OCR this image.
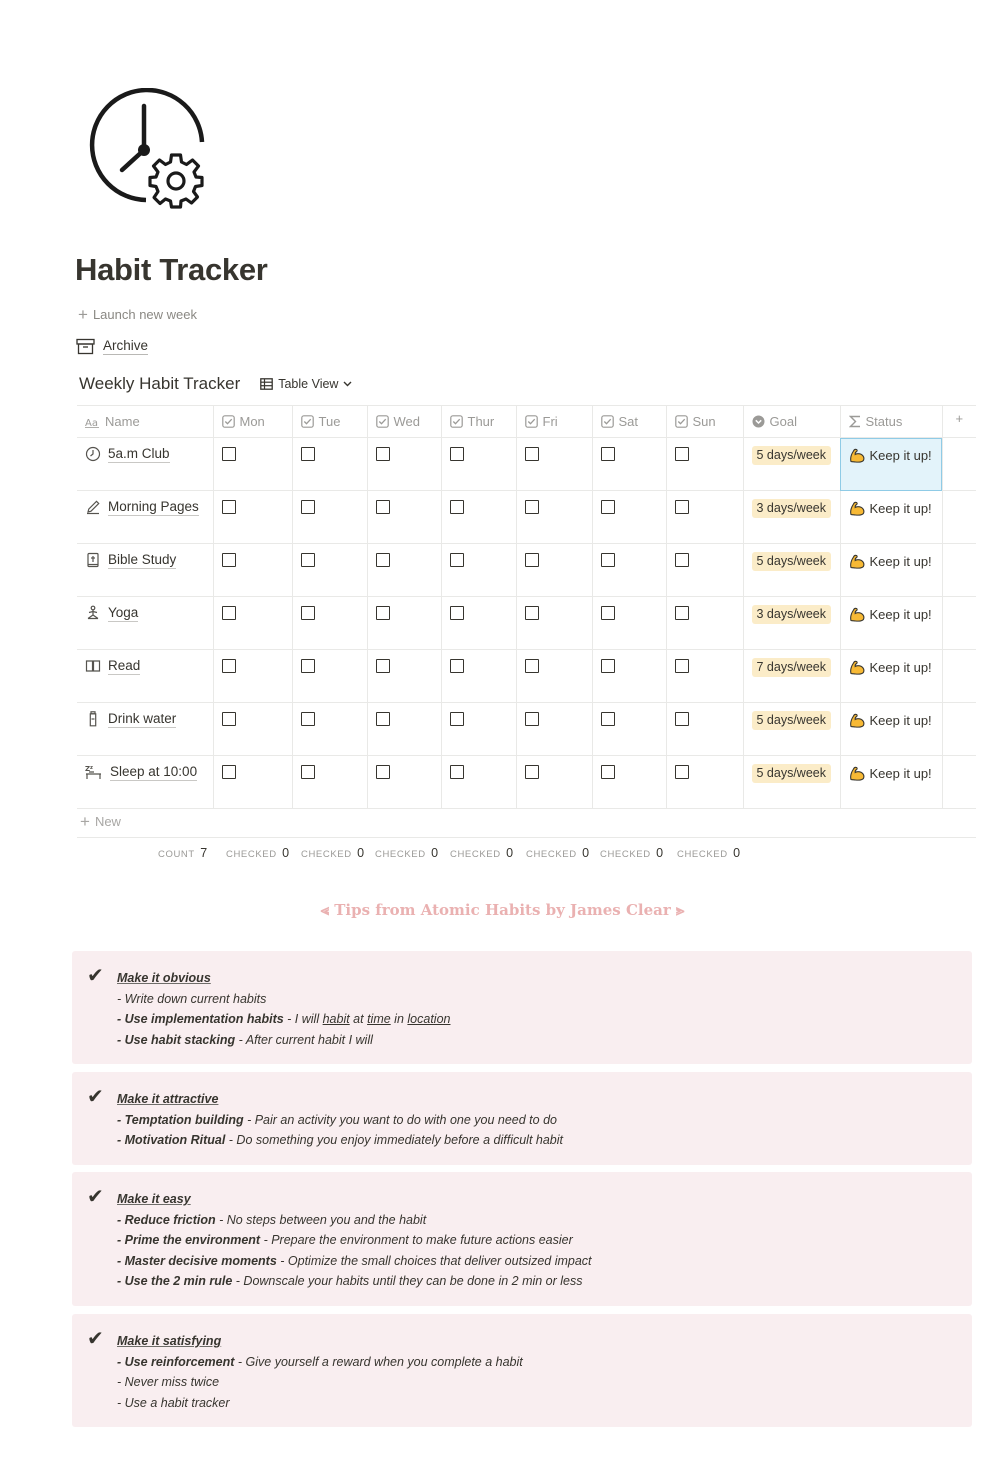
Habit Tracker
+ Launch new week
Archive
Weekly Habit Tracker	Table View
Aa Name	Mon	Tue	Wed	Thur	Fri	Sat	Sun	Goal	Status	+

5a.m Club								5 days/week	Keep it up!	

Morning Pages								3 days/week	Keep it up!	

Bible Study								5 days/week	Keep it up!	

Yoga								3 days/week	Keep it up!	

Read								7 days/week	Keep it up!	

Drink water								5 days/week	Keep it up!	

Z z Sleep at 10:00								5 days/week	Keep it up!	

+ New
COUNT 7 CHECKED 0 CHECKED 0 CHECKED 0 CHECKED 0 CHECKED 0 CHECKED 0 CHECKED 0
⪡ Tips from Atomic Habits by James Clear ⪢
✔ Make it obvious
- Write down current habits
- Use implementation habits - I will habit at time in location
- Use habit stacking - After current habit I will
✔ Make it attractive
- Temptation building - Pair an activity you want to do with one you need to do
- Motivation Ritual - Do something you enjoy immediately before a difficult habit
✔ Make it easy
- Reduce friction - No steps between you and the habit
- Prime the environment - Prepare the environment to make future actions easier
- Master decisive moments - Optimize the small choices that deliver outsized impact
- Use the 2 min rule - Downscale your habits until they can be done in 2 min or less
✔ Make it satisfying
- Use reinforcement - Give yourself a reward when you complete a habit
- Never miss twice
- Use a habit tracker
